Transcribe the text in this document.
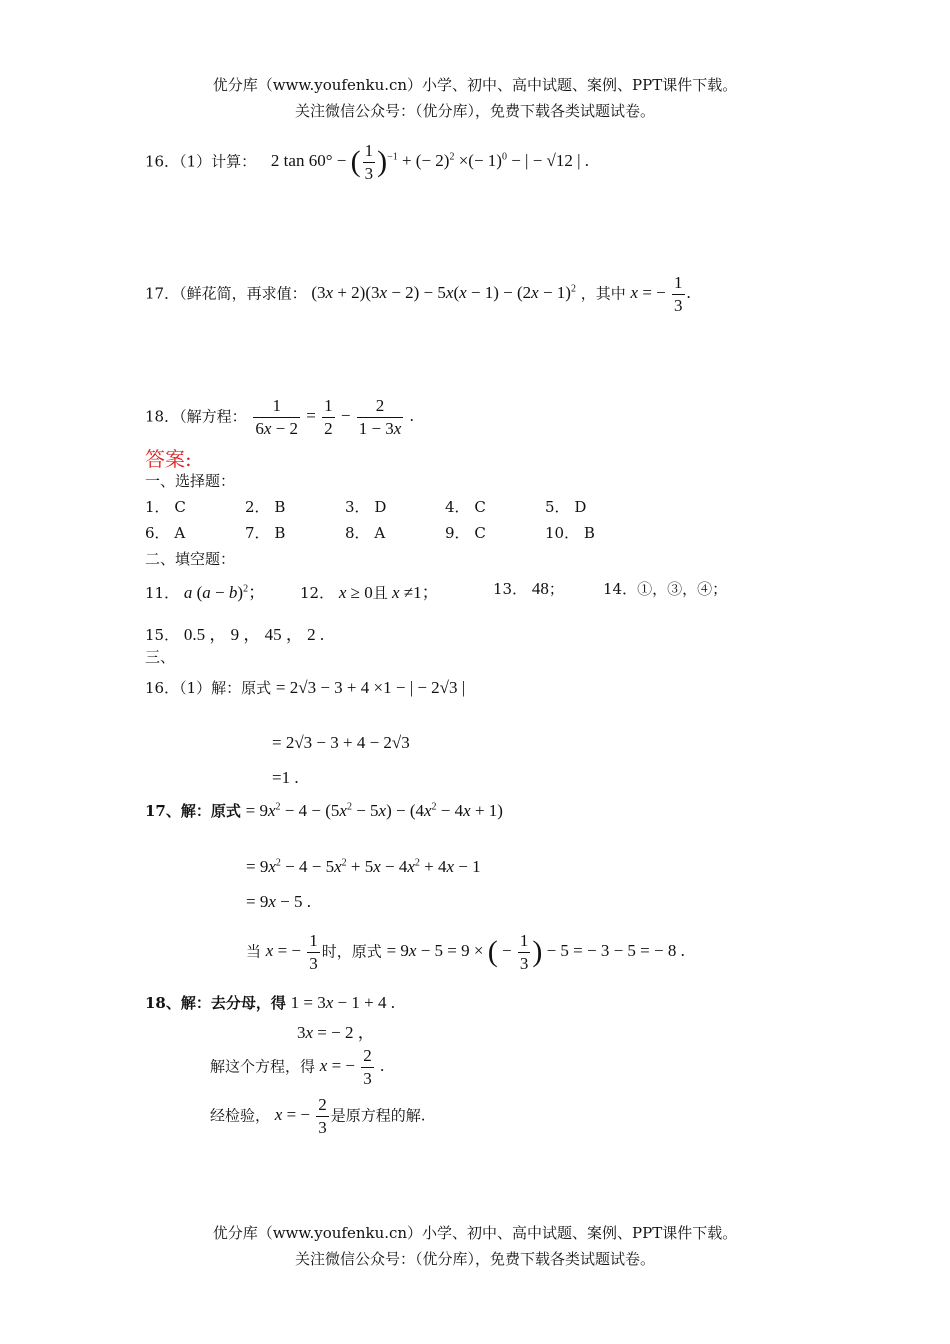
优分库（www.youfenku.cn）小学、初中、高中试题、案例、PPT课件下载。
关注微信公众号：（优分库），免费下载各类试题试卷。
16．（1）计算： 2 tan 60° − ( $\frac{1}{3} )^{-1}$ + (− 2)$^2$ ×(− 1)$^0$ − | − √12 | .
17．（鲜花简，再求值： $(3x + 2)(3x - 2) - 5x(x - 1) - (2x - 1)^2$ ，其中 x = − $\frac{1}{3}$ .
18．（解方程： $\frac{1}{6x - 2} = \frac{1}{2} - \frac{2}{1 - 3x}$ .
答案:
一、选择题：
1． C	2． B	3． D	4． C	5． D
6． A	7． B	8． A	9． C	10． B
二、填空题：
11． a $(a - b)^2$； 12． x ≥ 0且 x ≠1；	13． 48；	14．①，③，④；
15． 0.5 ， 9 ， 45 ， 2 .
三、
16．（1）解：原式 = 2√3 − 3 + 4 ×1 − | − 2√3 |
= 2√3 − 3 + 4 − 2√3
=1 .
17、解：原式 = $9x^2 - 4 - (5x^2 - 5x) - (4x^2 - 4x + 1)$
= $9x^2 - 4 - 5x^2 + 5x - 4x^2 + 4x - 1$
= 9x − 5 .
当 x = − $\frac{1}{3}$ 时，原式 = 9x − 5 = 9 × ( − $\frac{1}{3}$ ) − 5 = − 3 − 5 = − 8 .
18、解：去分母，得 1 = 3x − 1 + 4 .
3x = − 2 ，
解这个方程，得 x = − $\frac{2}{3}$ .
经检验， x = − $\frac{2}{3}$ 是原方程的解.
优分库（www.youfenku.cn）小学、初中、高中试题、案例、PPT课件下载。
关注微信公众号：（优分库），免费下载各类试题试卷。
